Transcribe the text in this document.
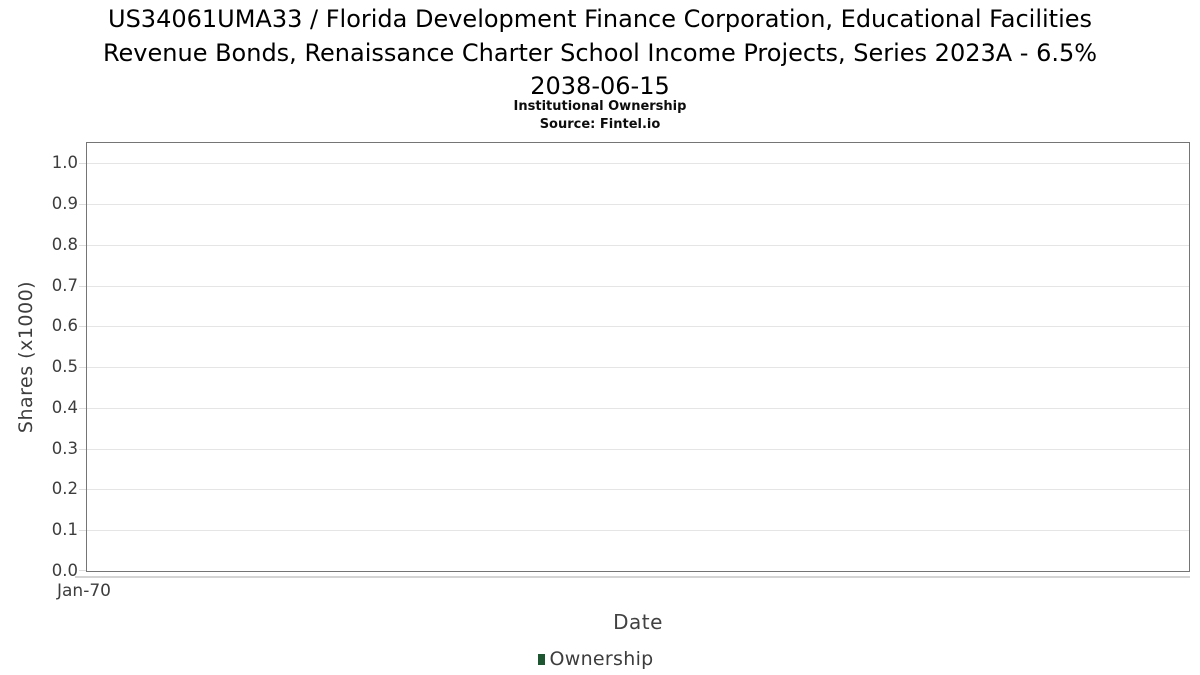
US34061UMA33 / Florida Development Finance Corporation, Educational Facilities
Revenue Bonds, Renaissance Charter School Income Projects, Series 2023A - 6.5%
2038-06-15
Institutional Ownership
Source: Fintel.io
Shares (x1000)
Jan-70
Date
Ownership
0.0
0.1
0.2
0.3
0.4
0.5
0.6
0.7
0.8
0.9
1.0
